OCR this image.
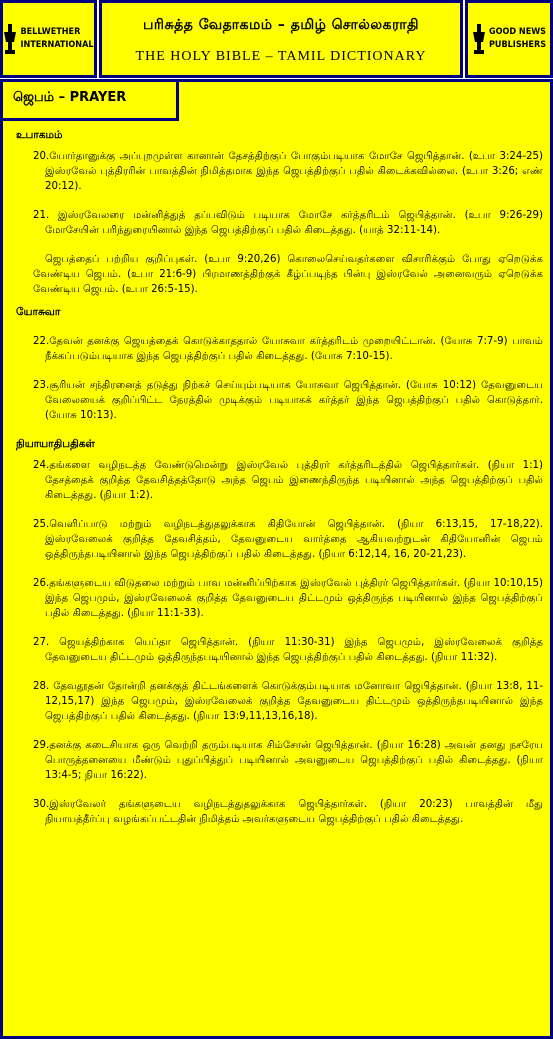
BELLWETHER
INTERNATIONAL
பரிசுத்த வேதாகமம் – தமிழ் சொல்லகராதி
THE HOLY BIBLE – TAMIL DICTIONARY
GOOD NEWS
PUBLISHERS
ஜெபம் – PRAYER
உபாகமம்

20.யோர்தானுக்கு அப்புறமுள்ள கானான் தேசத்திற்குப் போகும்படியாக மோசே ஜெபித்தான். (உபா 3:24-25) இஸ்ரவேல் புத்திரரின் பாவத்தின் நிமித்தமாக இந்த ஜெபத்திற்குப் பதில் கிடைக்கவில்லை. (உபா 3:26; எண் 20:12).

21. இஸ்ரவேலரை மன்னித்துத் தப்பவிடும் படியாக மோசே கர்த்தரிடம் ஜெபித்தான். (உபா 9:26-29) மோசேயின் பரிந்துரையினால் இந்த ஜெபத்திற்குப் பதில் கிடைத்தது. (யாத் 32:11-14).

ஜெபத்தைப் பற்றிய குறிப்புகள். (உபா 9:20,26) கொலைசெய்வதர்களை விசாரிக்கும் போது ஏறெடுக்க வேண்டிய ஜெபம். (உபா 21:6-9) பிரமாணத்திற்குக் கீழ்ப்படிந்த பின்பு இஸ்ரவேல் அனைவரும் ஏறெடுக்க வேண்டிய ஜெபம். (உபா 26:5-15).

யோசுவா

22.தேவன் தனக்கு ஜெயத்தைக் கொடுக்காததால் யோசுவா கர்த்தரிடம் முறையிட்டான். (யோசு 7:7-9) பாவம் நீக்கப்படும்படியாக இந்த ஜெபத்திற்குப் பதில் கிடைத்தது. (யோசு 7:10-15).

23.சூரியன் சந்திரனைத் தடுத்து நிற்கச் செய்யும்படியாக யோசுவா ஜெபித்தான். (யோசு 10:12) தேவனுடைய வேலையைக் குறிப்பிட்ட நேரத்தில் முடிக்கும் படியாகக் கர்த்தர் இந்த ஜெபத்திற்குப் பதில் கொடுத்தார். (யோசு 10:13).

நியாயாதிபதிகள்

24.தங்களை வழிநடத்த வேண்டுமென்று இஸ்ரவேல் புத்திரர் கர்த்தரிடத்தில் ஜெபித்தார்கள். (நியா 1:1) தேசத்தைக் குறித்த தேவசித்தத்தோடு அந்த ஜெபம் இணைந்திருந்த படியினால் அந்த ஜெபத்திற்குப் பதில் கிடைத்தது. (நியா 1:2).

25.வெளிப்பாடு மற்றும் வழிநடத்துதலுக்காக கிதியோன் ஜெபித்தான். (நியா 6:13,15, 17-18,22). இஸ்ரவேலைக் குறித்த தேவசித்தம், தேவனுடைய வார்த்தை ஆகியவற்றுடன் கிதியோனின் ஜெபம் ஒத்திருந்தபடியினால் இந்த ஜெபத்திற்குப் பதில் கிடைத்தது. (நியா 6:12,14, 16, 20-21,23).

26.தங்களுடைய விடுதலை மற்றும் பாவ மன்னிப்பிற்காக இஸ்ரவேல் புத்திரர் ஜெபித்தார்கள். (நியா 10:10,15) இந்த ஜெபமும், இஸ்ரவேலைக் குறித்த தேவனுடைய திட்டமும் ஒத்திருந்த படியினால் இந்த ஜெபத்திற்குப் பதில் கிடைத்தது. (நியா 11:1-33).

27. ஜெயத்திற்காக யெப்தா ஜெபித்தான். (நியா 11:30-31) இந்த ஜெபமும், இஸ்ரவேலைக் குறித்த தேவனுடைய திட்டமும் ஒத்திருந்தபடியினால் இந்த ஜெபத்திற்குப் பதில் கிடைத்தது. (நியா 11:32).

28. தேவதூதன் தோன்றி தனக்குத் திட்டங்களைக் கொடுக்கும்படியாக மனோவா ஜெபித்தான். (நியா 13:8, 11-12,15,17) இந்த ஜெபமும், இஸ்ரவேலைக் குறித்த தேவனுடைய திட்டமும் ஒத்திருந்தபடியினால் இந்த ஜெபத்திற்குப் பதில் கிடைத்தது. (நியா 13:9,11,13,16,18).

29.தனக்கு கடைசியாக ஒரு வெற்றி தரும்படியாக சிம்சோன் ஜெபித்தான். (நியா 16:28) அவன் தனது நசரேய பொருத்தனையை மீண்டும் புதுப்பித்துப் படியினால் அவனுடைய ஜெபத்திற்குப் பதில் கிடைத்தது. (நியா 13:4-5; நியா 16:22).

30.இஸ்ரவேலர் தங்களுடைய வழிநடத்துதலுக்காக ஜெபித்தார்கள். (நியா 20:23) பாவத்தின் மீது நியாயத்தீர்ப்பு வழங்கப்பட்டதின் நிமித்தம் அவர்களுடைய ஜெபத்திற்குப் பதில் கிடைத்தது.
